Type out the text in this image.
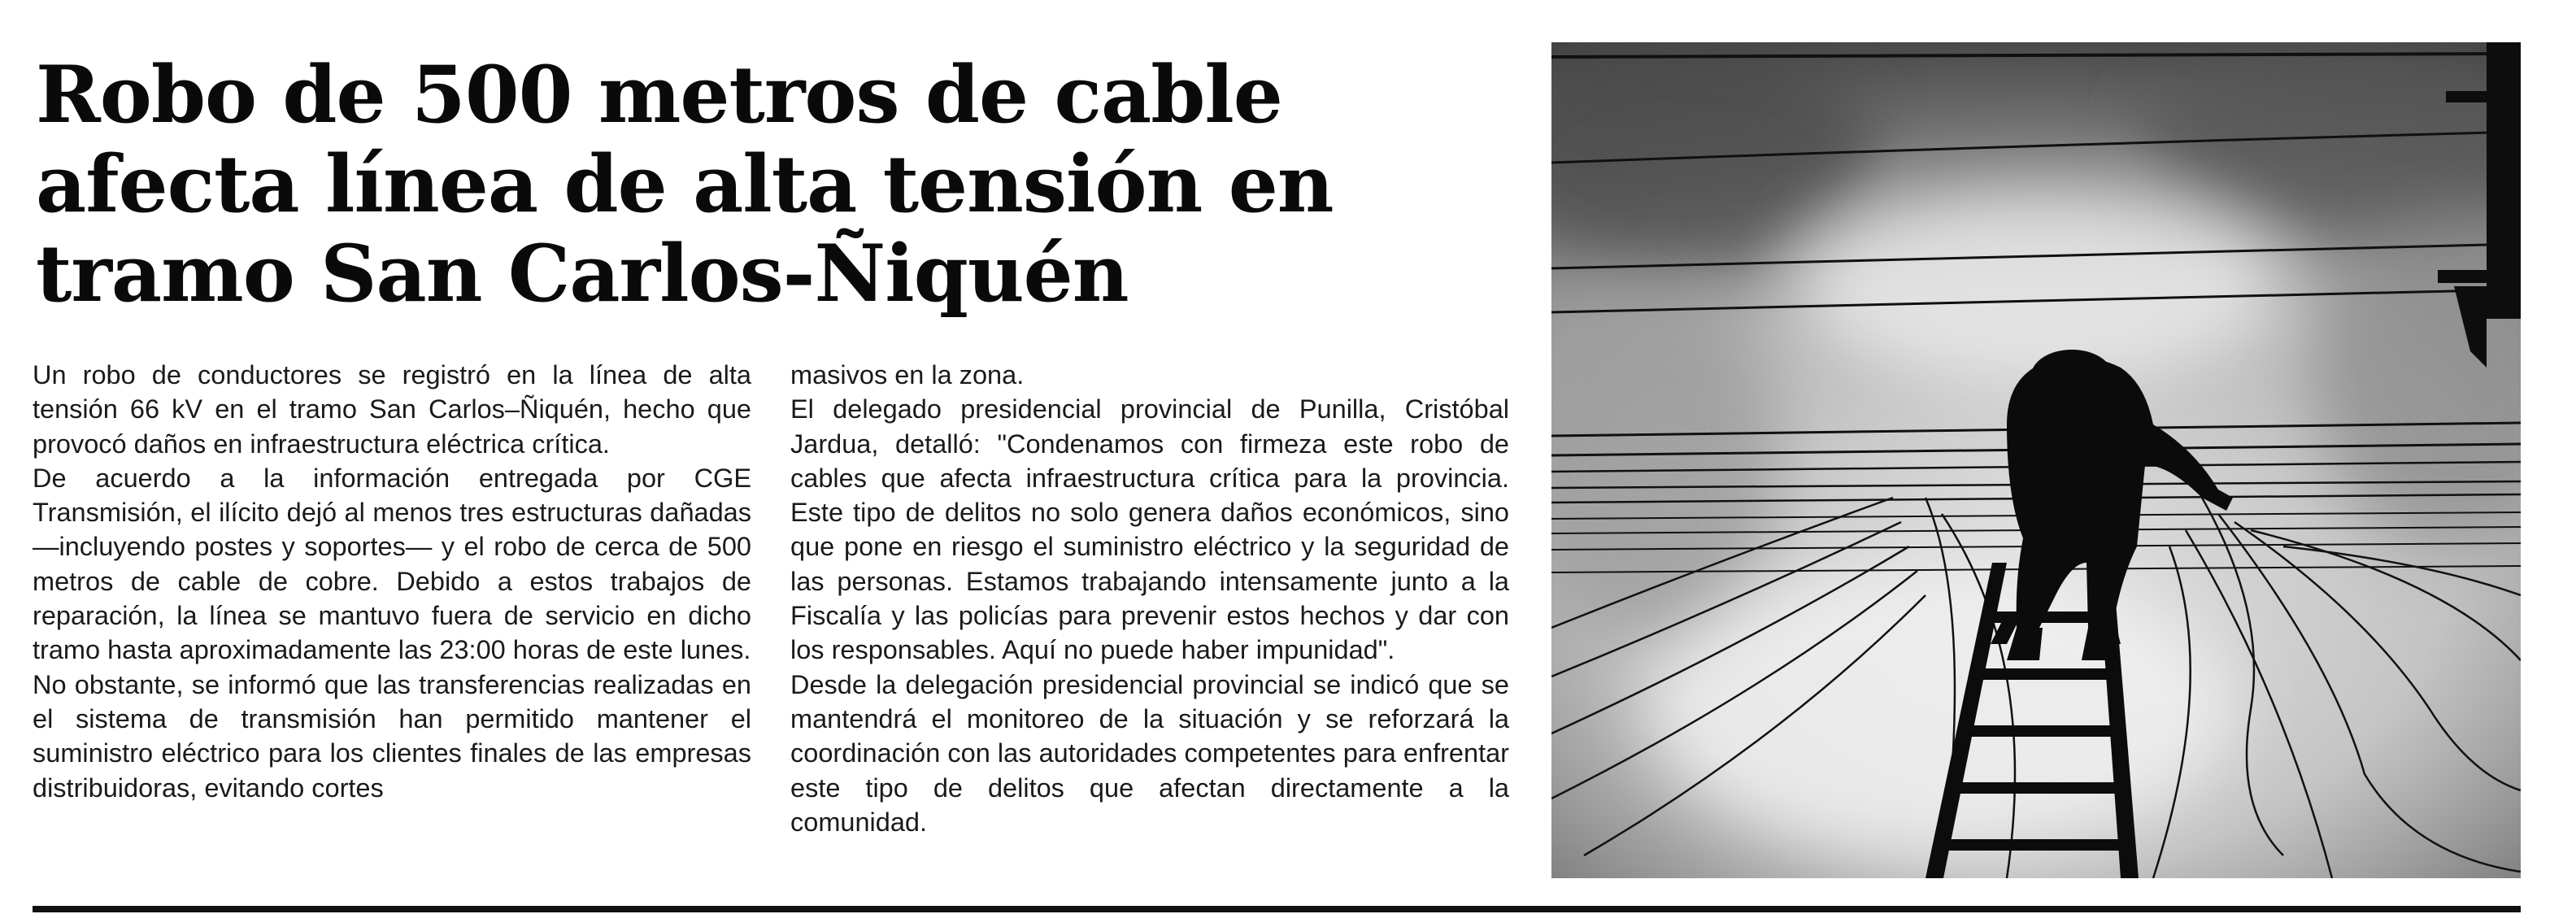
Robo de 500 metros de cable
afecta línea de alta tensión en
tramo San Carlos-Ñiquén

Un robo de conductores se registró en la línea de alta tensión 66 kV en el tramo San Carlos–Ñiquén, hecho que provocó daños en infraestructura eléctrica crítica.

De acuerdo a la información entregada por CGE Transmisión, el ilícito dejó al menos tres estructuras dañadas —incluyendo postes y soportes— y el robo de cerca de 500 metros de cable de cobre. Debido a estos trabajos de reparación, la línea se mantuvo fuera de servicio en dicho tramo hasta aproximadamente las 23:00 horas de este lunes.

No obstante, se informó que las transferencias realizadas en el sistema de transmisión han permitido mantener el suministro eléctrico para los clientes finales de las empresas distribuidoras, evitando cortes

masivos en la zona.

El delegado presidencial provincial de Punilla, Cristóbal Jardua, detalló: "Condenamos con firmeza este robo de cables que afecta infraestructura crítica para la provincia. Este tipo de delitos no solo genera daños económicos, sino que pone en riesgo el suministro eléctrico y la seguridad de las personas. Estamos trabajando intensamente junto a la Fiscalía y las policías para prevenir estos hechos y dar con los responsables. Aquí no puede haber impunidad".

Desde la delegación presidencial provincial se indicó que se mantendrá el monitoreo de la situación y se reforzará la coordinación con las autoridades competentes para enfrentar este tipo de delitos que afectan directamente a la comunidad.
